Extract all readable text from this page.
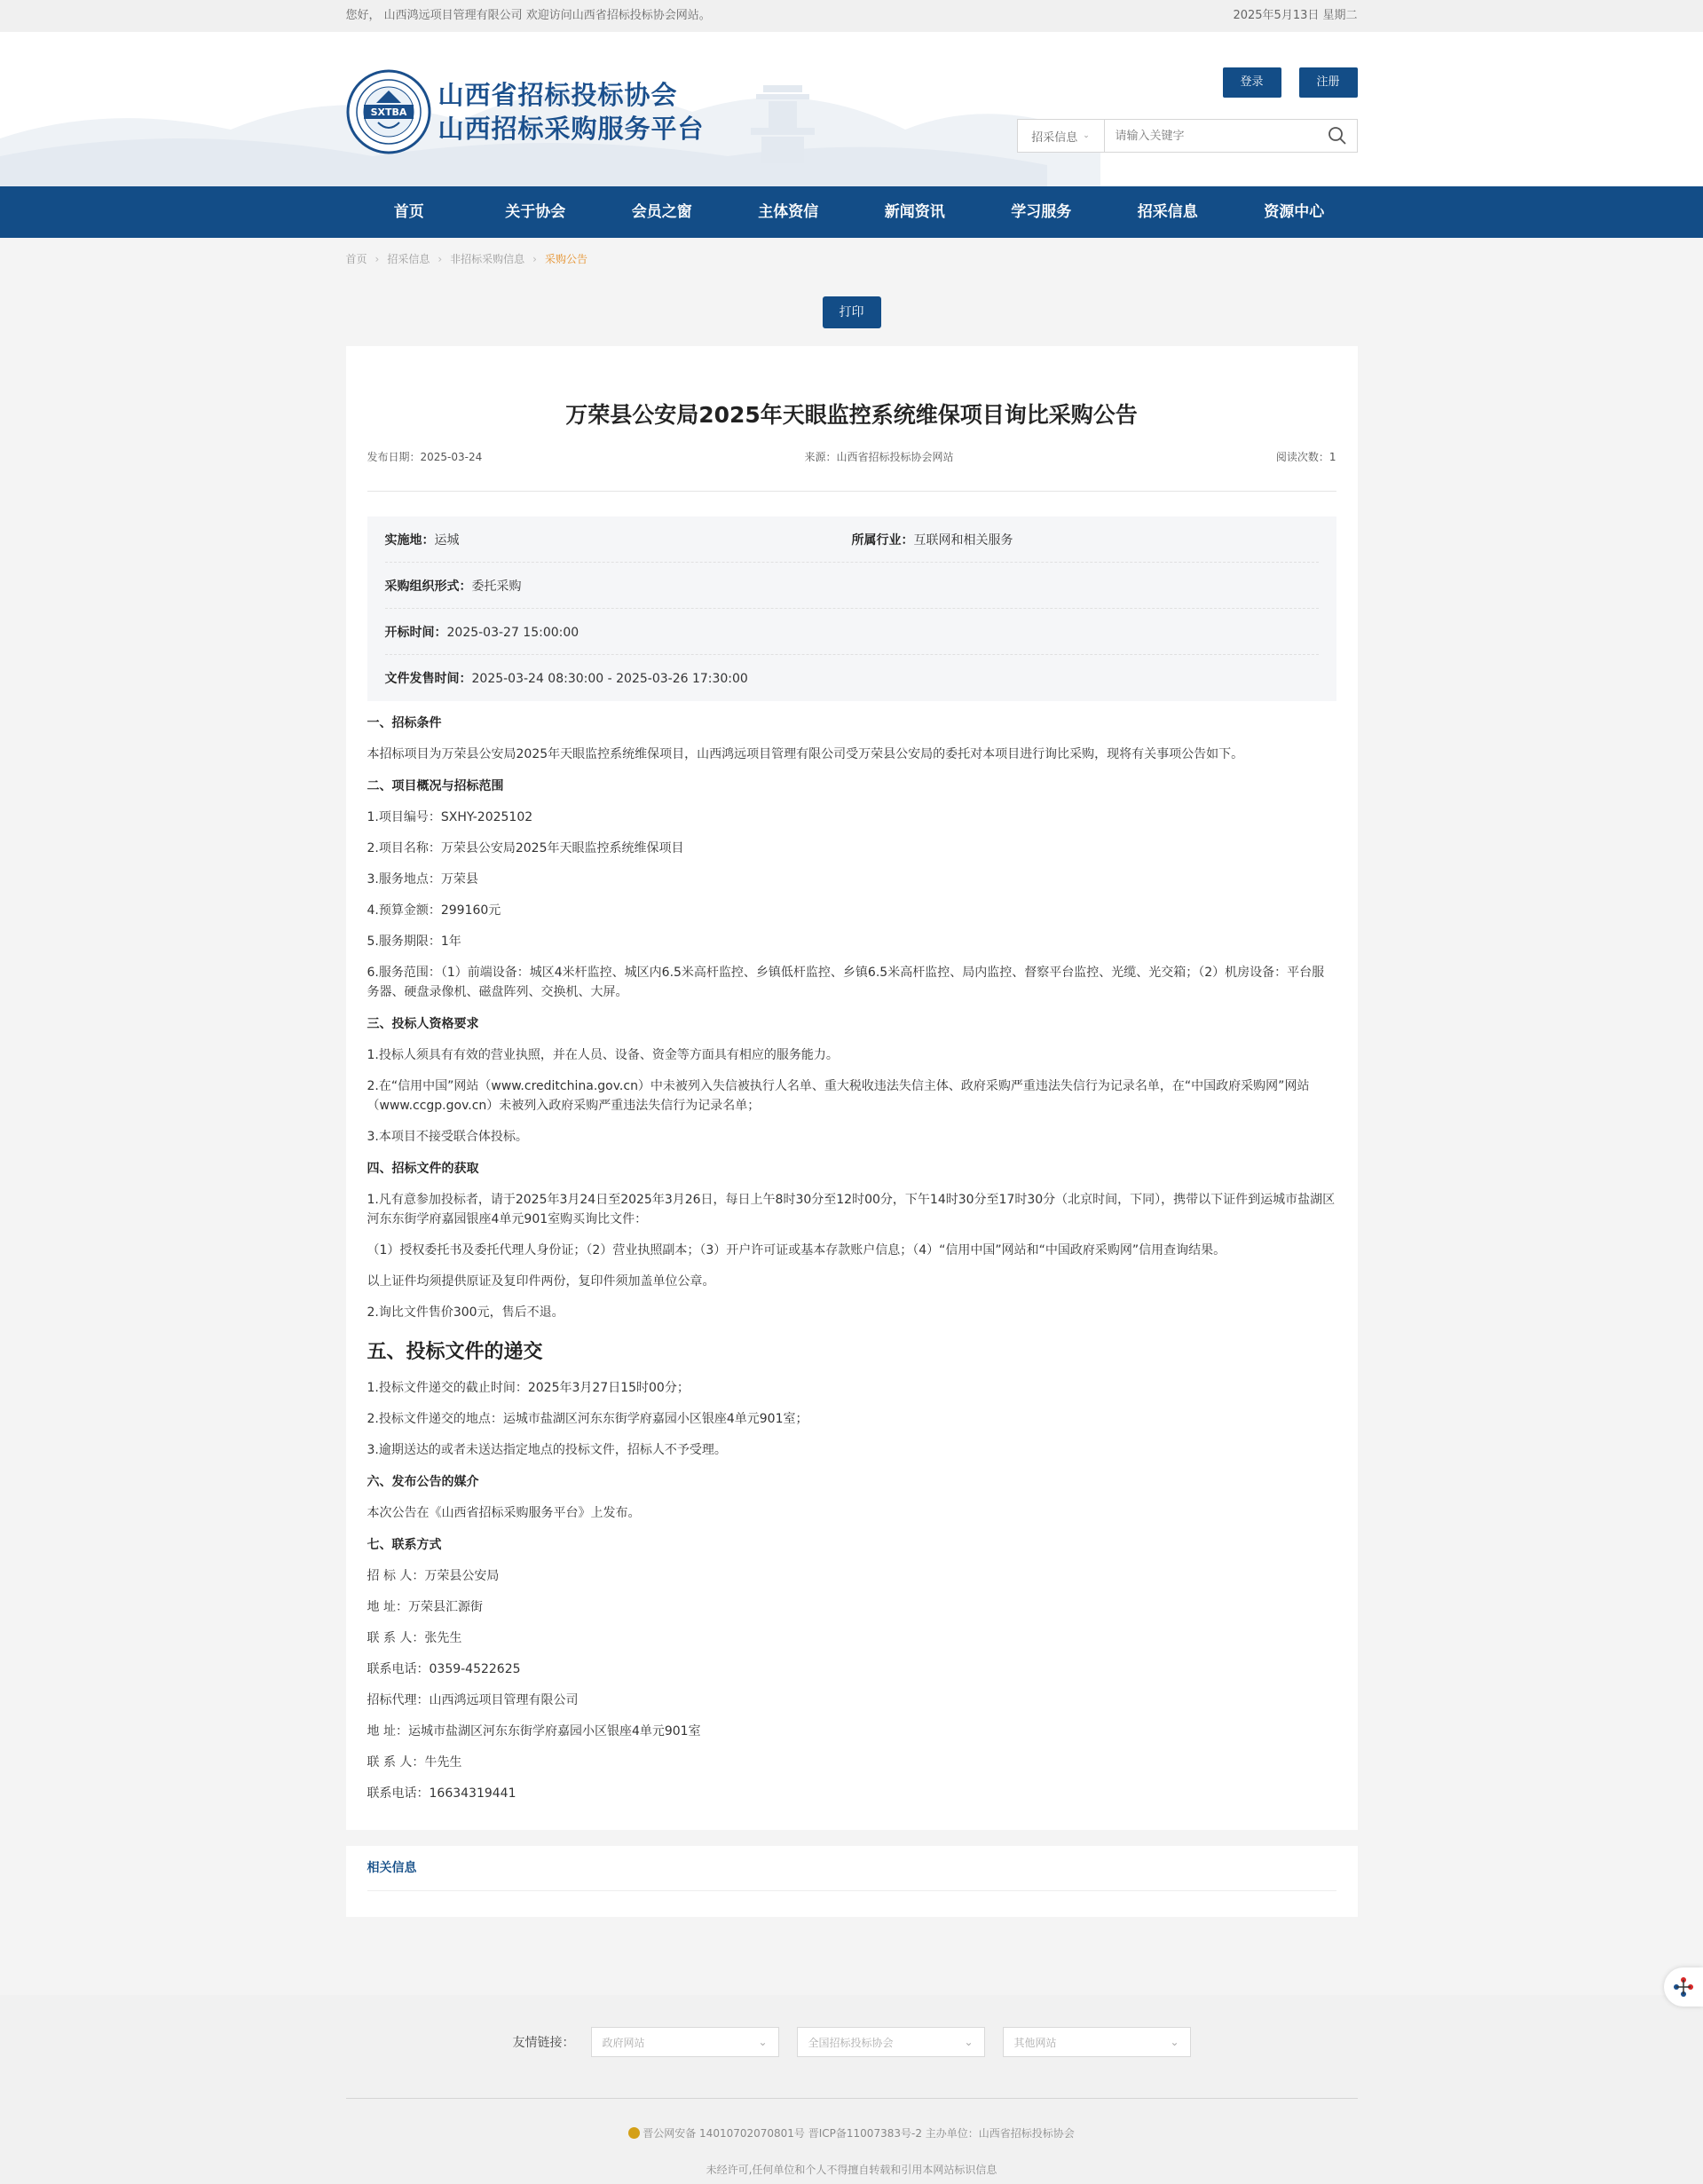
您好， 山西鸿远项目管理有限公司 欢迎访问山西省招标投标协会网站。	2025年5月13日 星期二
SXTBA
山西省招标投标协会
山西招标采购服务平台
登录	注册
招采信息 ⌄
请输入关键字
首页	关于协会	会员之窗	主体资信	新闻资讯	学习服务	招采信息	资源中心
首页 › 招采信息 › 非招标采购信息 › 采购公告
打印
万荣县公安局2025年天眼监控系统维保项目询比采购公告
发布日期：2025-03-24	来源：山西省招标投标协会网站	阅读次数：1
实施地：运城	所属行业：互联网和相关服务
采购组织形式：委托采购
开标时间：2025-03-27 15:00:00
文件发售时间：2025-03-24 08:30:00 - 2025-03-26 17:30:00
一、招标条件

本招标项目为万荣县公安局2025年天眼监控系统维保项目，山西鸿远项目管理有限公司受万荣县公安局的委托对本项目进行询比采购，现将有关事项公告如下。

二、项目概况与招标范围

1.项目编号：SXHY-2025102

2.项目名称：万荣县公安局2025年天眼监控系统维保项目

3.服务地点：万荣县

4.预算金额：299160元

5.服务期限：1年

6.服务范围：（1）前端设备：城区4米杆监控、城区内6.5米高杆监控、乡镇低杆监控、乡镇6.5米高杆监控、局内监控、督察平台监控、光缆、光交箱；（2）机房设备：平台服务器、硬盘录像机、磁盘阵列、交换机、大屏。

三、投标人资格要求

1.投标人须具有有效的营业执照，并在人员、设备、资金等方面具有相应的服务能力。

2.在“信用中国”网站（www.creditchina.gov.cn）中未被列入失信被执行人名单、重大税收违法失信主体、政府采购严重违法失信行为记录名单，在“中国政府采购网”网站（www.ccgp.gov.cn）未被列入政府采购严重违法失信行为记录名单；

3.本项目不接受联合体投标。

四、招标文件的获取

1.凡有意参加投标者，请于2025年3月24日至2025年3月26日，每日上午8时30分至12时00分，下午14时30分至17时30分（北京时间，下同），携带以下证件到运城市盐湖区河东东街学府嘉园银座4单元901室购买询比文件：

（1）授权委托书及委托代理人身份证；（2）营业执照副本；（3）开户许可证或基本存款账户信息；（4）“信用中国”网站和“中国政府采购网”信用查询结果。

以上证件均须提供原证及复印件两份，复印件须加盖单位公章。

2.询比文件售价300元，售后不退。

五、投标文件的递交

1.投标文件递交的截止时间：2025年3月27日15时00分；

2.投标文件递交的地点：运城市盐湖区河东东街学府嘉园小区银座4单元901室；

3.逾期送达的或者未送达指定地点的投标文件，招标人不予受理。

六、发布公告的媒介

本次公告在《山西省招标采购服务平台》上发布。

七、联系方式

招 标 人：万荣县公安局

地 址：万荣县汇源街

联 系 人：张先生

联系电话：0359-4522625

招标代理：山西鸿远项目管理有限公司

地 址：运城市盐湖区河东东街学府嘉园小区银座4单元901室

联 系 人：牛先生

联系电话：16634319441

相关信息
友情链接：	政府网站	⌄	全国招标投标协会	⌄	其他网站	⌄
晋公网安备 14010702070801号 晋ICP备11007383号-2 主办单位：山西省招标投标协会
未经许可,任何单位和个人不得擅自转载和引用本网站标识信息
